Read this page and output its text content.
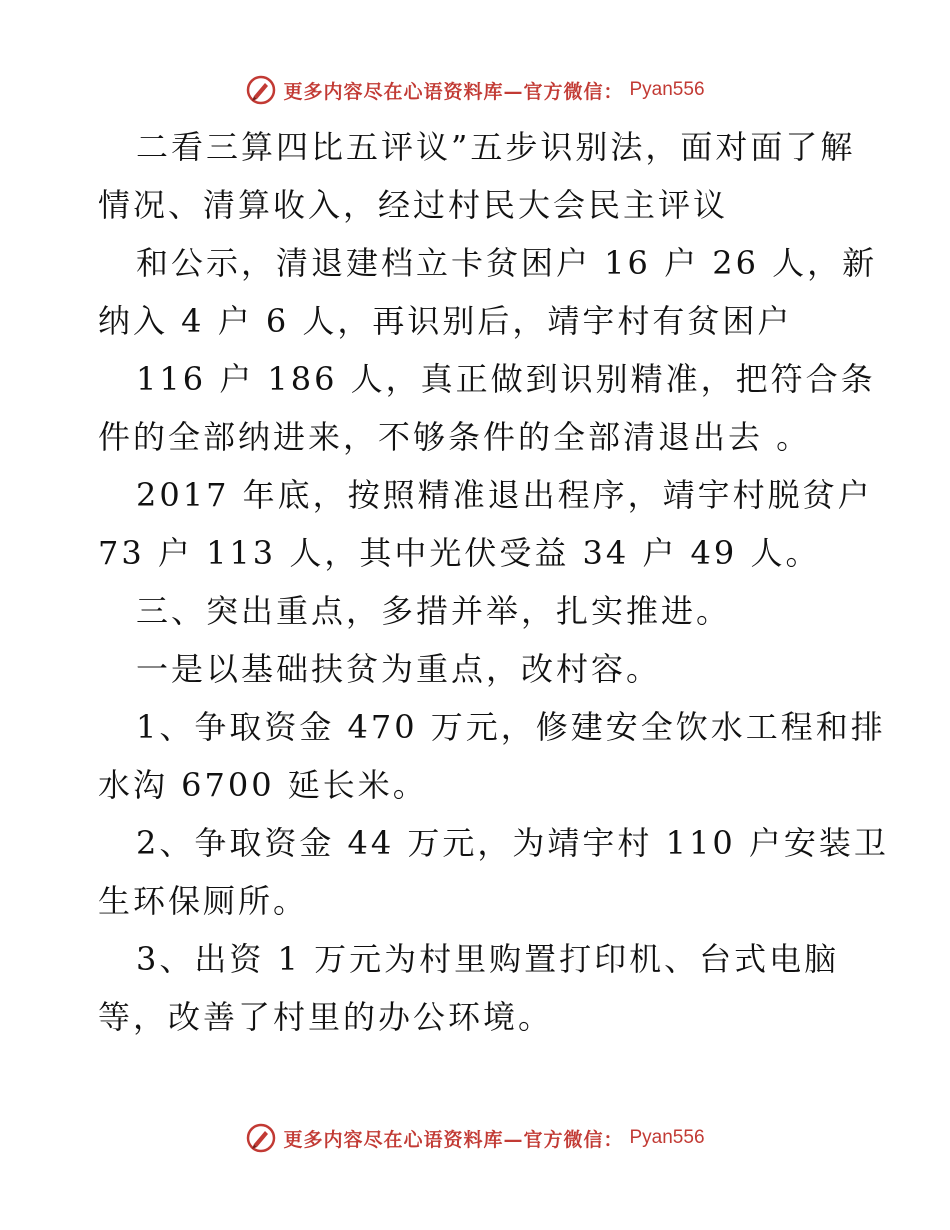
更多内容尽在心语资料库—官方微信： Pyan556
二看三算四比五评议”五步识别法，面对面了解
情况、清算收入，经过村民大会民主评议
和公示，清退建档立卡贫困户 16 户 26 人，新
纳入 4 户 6 人，再识别后，靖宇村有贫困户
116 户 186 人，真正做到识别精准，把符合条
件的全部纳进来，不够条件的全部清退出去 。
2017 年底，按照精准退出程序，靖宇村脱贫户
73 户 113 人，其中光伏受益 34 户 49 人。
三、突出重点，多措并举，扎实推进。
一是以基础扶贫为重点，改村容。
1、争取资金 470 万元，修建安全饮水工程和排
水沟 6700 延长米。
2、争取资金 44 万元，为靖宇村 110 户安装卫
生环保厕所。
3、出资 1 万元为村里购置打印机、台式电脑
等，改善了村里的办公环境。
更多内容尽在心语资料库—官方微信： Pyan556
